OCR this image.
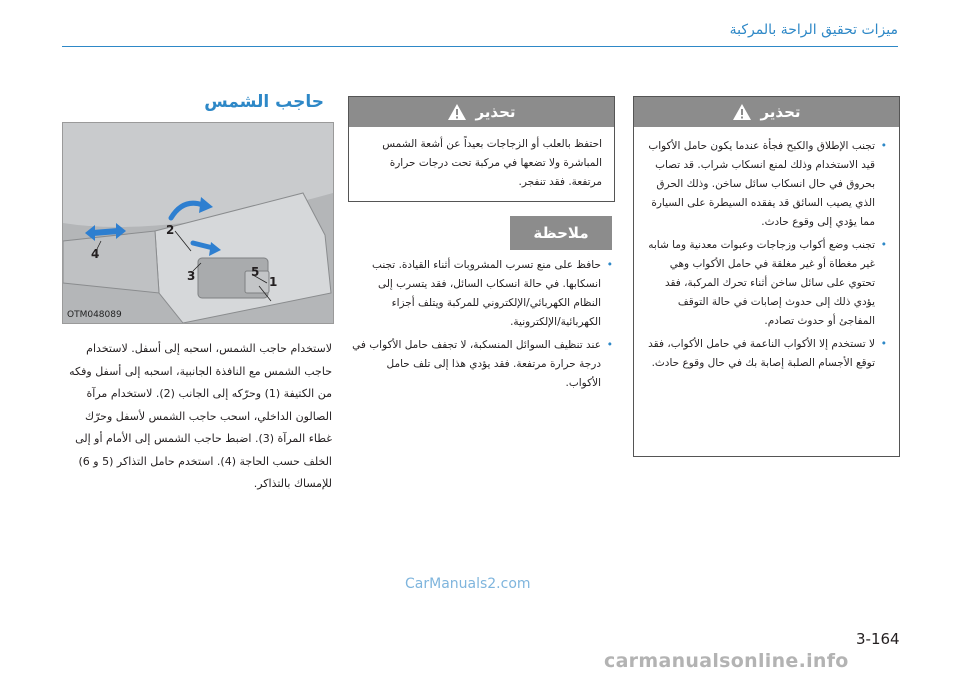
ميزات تحقيق الراحة بالمركبة
تحذير
• تجنب الإطلاق والكبح فجأة عندما يكون حامل الأكواب قيد الاستخدام وذلك لمنع انسكاب شراب. قد تصاب بحروق في حال انسكاب سائل ساخن. وذلك الحرق الذي يصيب السائق قد يفقده السيطرة على السيارة مما يؤدي إلى وقوع حادث.
• تجنب وضع أكواب وزجاجات وعبوات معدنية وما شابه غير مغطاة أو غير مغلقة في حامل الأكواب وهي تحتوي على سائل ساخن أثناء تحرك المركبة، فقد يؤدي ذلك إلى حدوث إصابات في حالة التوقف المفاجئ أو حدوث تصادم.
• لا تستخدم إلا الأكواب الناعمة في حامل الأكواب، فقد توقع الأجسام الصلبة إصابة بك في حال وقوع حادث.
تحذير
احتفظ بالعلب أو الزجاجات بعيداً عن أشعة الشمس المباشرة ولا تضعها في مركبة تحت درجات حرارة مرتفعة. فقد تنفجر.
ملاحظة
• حافظ على منع تسرب المشروبات أثناء القيادة. تجنب انسكابها. في حالة انسكاب السائل، فقد يتسرب إلى النظام الكهربائي/الإلكتروني للمركبة ويتلف أجزاء الكهربائية/الإلكترونية.
• عند تنظيف السوائل المنسكبة، لا تجفف حامل الأكواب في درجة حرارة مرتفعة. فقد يؤدي هذا إلى تلف حامل الأكواب.
حاجب الشمس
2
4
3	5
1
OTM048089

لاستخدام حاجب الشمس، اسحبه إلى أسفل. لاستخدام حاجب الشمس مع النافذة الجانبية، اسحبه إلى أسفل وفكه من الكتيفة (1) وحرّكه إلى الجانب (2). لاستخدام مرآة الصالون الداخلي، اسحب حاجب الشمس لأسفل وحرّك غطاء المرآة (3). اضبط حاجب الشمس إلى الأمام أو إلى الخلف حسب الحاجة (4). استخدم حامل التذاكر (5 و 6) للإمساك بالتذاكر.

CarManuals2.com
3-164
carmanualsonline.info
